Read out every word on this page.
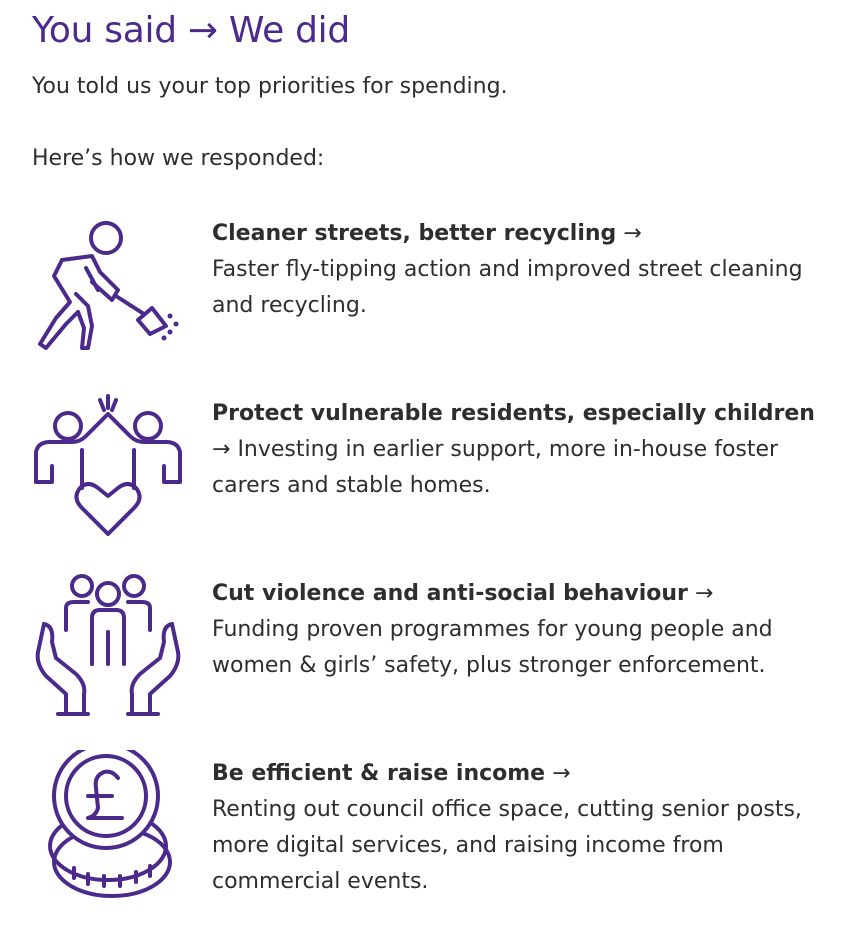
You said → We did

You told us your top priorities for spending.

Here’s how we responded:

Cleaner streets, better recycling →
Faster fly-tipping action and improved street cleaning and recycling.
Protect vulnerable residents, especially children
→ Investing in earlier support, more in-house foster carers and stable homes.
Cut violence and anti-social behaviour →
Funding proven programmes for young people and women & girls’ safety, plus stronger enforcement.
Be efficient & raise income →
Renting out council office space, cutting senior posts, more digital services, and raising income from commercial events.
